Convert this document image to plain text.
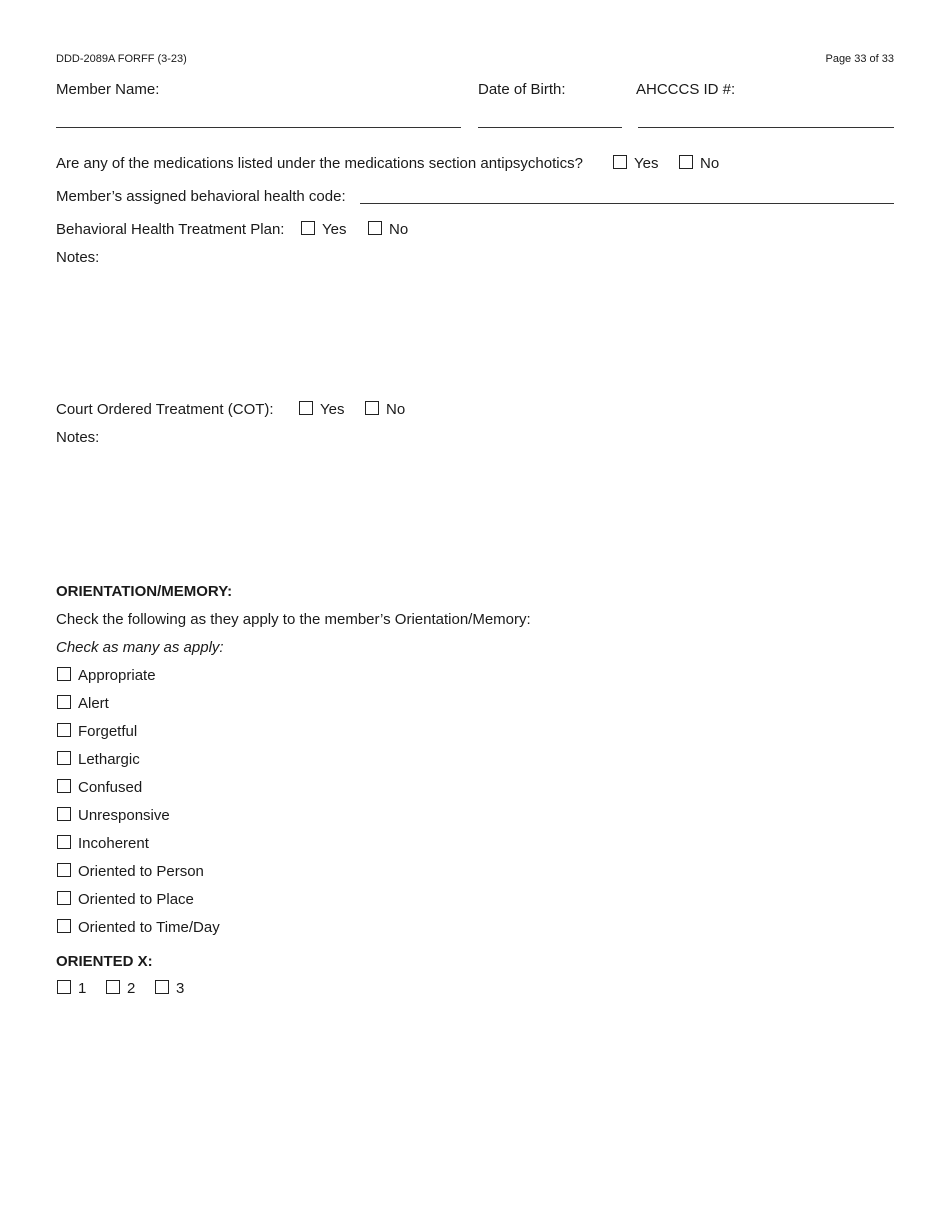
DDD-2089A FORFF (3-23)	Page 33 of 33
Member Name:	Date of Birth:	AHCCCS ID #:
Are any of the medications listed under the medications section antipsychotics?	Yes	No
Member’s assigned behavioral health code:
Behavioral Health Treatment Plan:	Yes	No
Notes:
Court Ordered Treatment (COT):	Yes	No
Notes:
ORIENTATION/MEMORY:
Check the following as they apply to the member’s Orientation/Memory:
Check as many as apply:
Appropriate
Alert
Forgetful
Lethargic
Confused
Unresponsive
Incoherent
Oriented to Person
Oriented to Place
Oriented to Time/Day
ORIENTED X:
1	2	3
